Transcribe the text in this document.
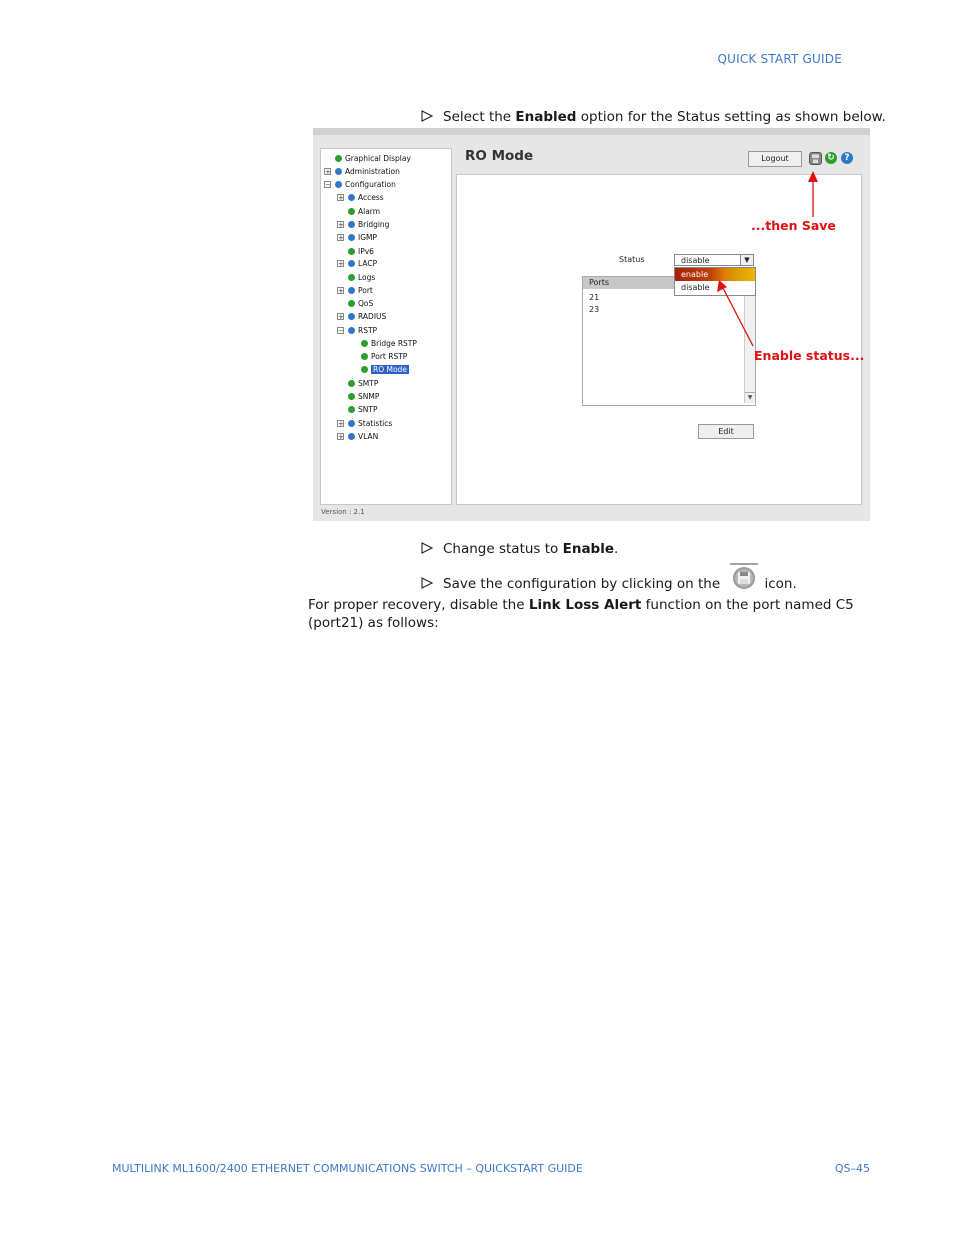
QUICK START GUIDE
Select the Enabled option for the Status setting as shown below.
Graphical Display
+ Administration
− Configuration
+ Access
Alarm
+ Bridging
+ IGMP
IPv6
+ LACP
Logs
+ Port
QoS
+ RADIUS
− RSTP
Bridge RSTP
Port RSTP
RO Mode
SMTP
SNMP
SNTP
+ Statistics
+ VLAN
Version : 2.1
RO Mode	Logout	↻	?
Status	disable	▼
Ports
21
23
▼
enable
disable
Edit
...then Save
Enable status...
Change status to Enable.
Save the configuration by clicking on the	icon.
For proper recovery, disable the Link Loss Alert function on the port named C5 (port21) as follows:
MULTILINK ML1600/2400 ETHERNET COMMUNICATIONS SWITCH – QUICKSTART GUIDE	QS–45
